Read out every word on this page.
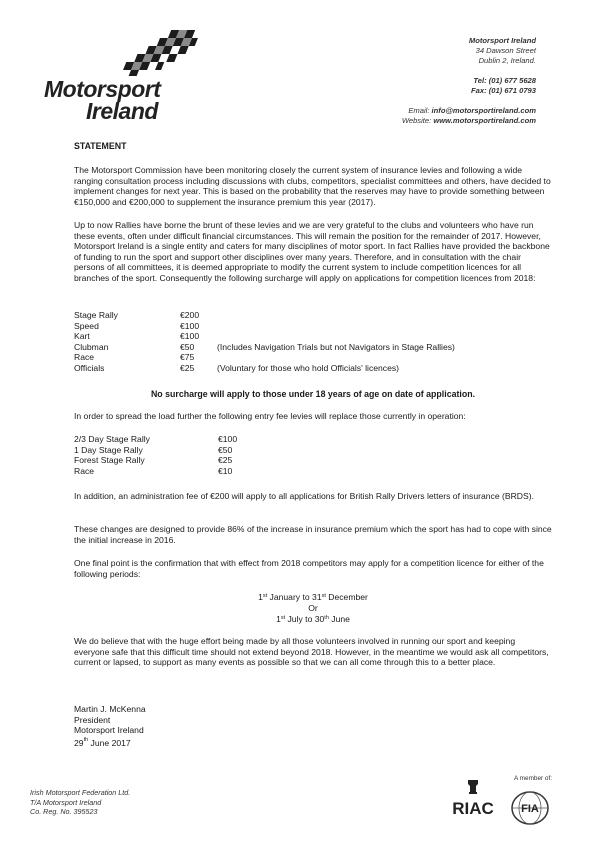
Motorsport
Ireland
Motorsport Ireland
34 Dawson Street
Dublin 2, Ireland.
Tel: (01) 677 5628
Fax: (01) 671 0793
Email: info@motorsportireland.com
Website: www.motorsportireland.com
STATEMENT

The Motorsport Commission have been monitoring closely the current system of insurance levies and following a wide ranging consultation process including discussions with clubs, competitors, specialist committees and others, have decided to implement changes for next year. This is based on the probability that the reserves may have to provide something between €150,000 and €200,000 to supplement the insurance premium this year (2017).

Up to now Rallies have borne the brunt of these levies and we are very grateful to the clubs and volunteers who have run these events, often under difficult financial circumstances. This will remain the position for the remainder of 2017. However, Motorsport Ireland is a single entity and caters for many disciplines of motor sport. In fact Rallies have provided the backbone of funding to run the sport and support other disciplines over many years. Therefore, and in consultation with the chair persons of all committees, it is deemed appropriate to modify the current system to include competition licences for all branches of the sport. Consequently the following surcharge will apply on applications for competition licences from 2018:

Stage Rally	€200
Speed	€100
Kart	€100
Clubman	€50	(Includes Navigation Trials but not Navigators in Stage Rallies)
Race	€75
Officials	€25	(Voluntary for those who hold Officials' licences)
No surcharge will apply to those under 18 years of age on date of application.

In order to spread the load further the following entry fee levies will replace those currently in operation:

2/3 Day Stage Rally	€100
1 Day Stage Rally	€50
Forest Stage Rally	€25
Race	€10

In addition, an administration fee of €200 will apply to all applications for British Rally Drivers letters of insurance (BRDS).

These changes are designed to provide 86% of the increase in insurance premium which the sport has had to cope with since the initial increase in 2016.

One final point is the confirmation that with effect from 2018 competitors may apply for a competition licence for either of the following periods:

1st January to 31st December
Or
1st July to 30th June

We do believe that with the huge effort being made by all those volunteers involved in running our sport and keeping everyone safe that this difficult time should not extend beyond 2018. However, in the meantime we would ask all competitors, current or lapsed, to support as many events as possible so that we can all come through this to a better place.

Martin J. McKenna
President
Motorsport Ireland
29th June 2017
Irish Motorsport Federation Ltd.
T/A Motorsport Ireland
Co. Reg. No. 395523
A member of:
RIAC FIA
